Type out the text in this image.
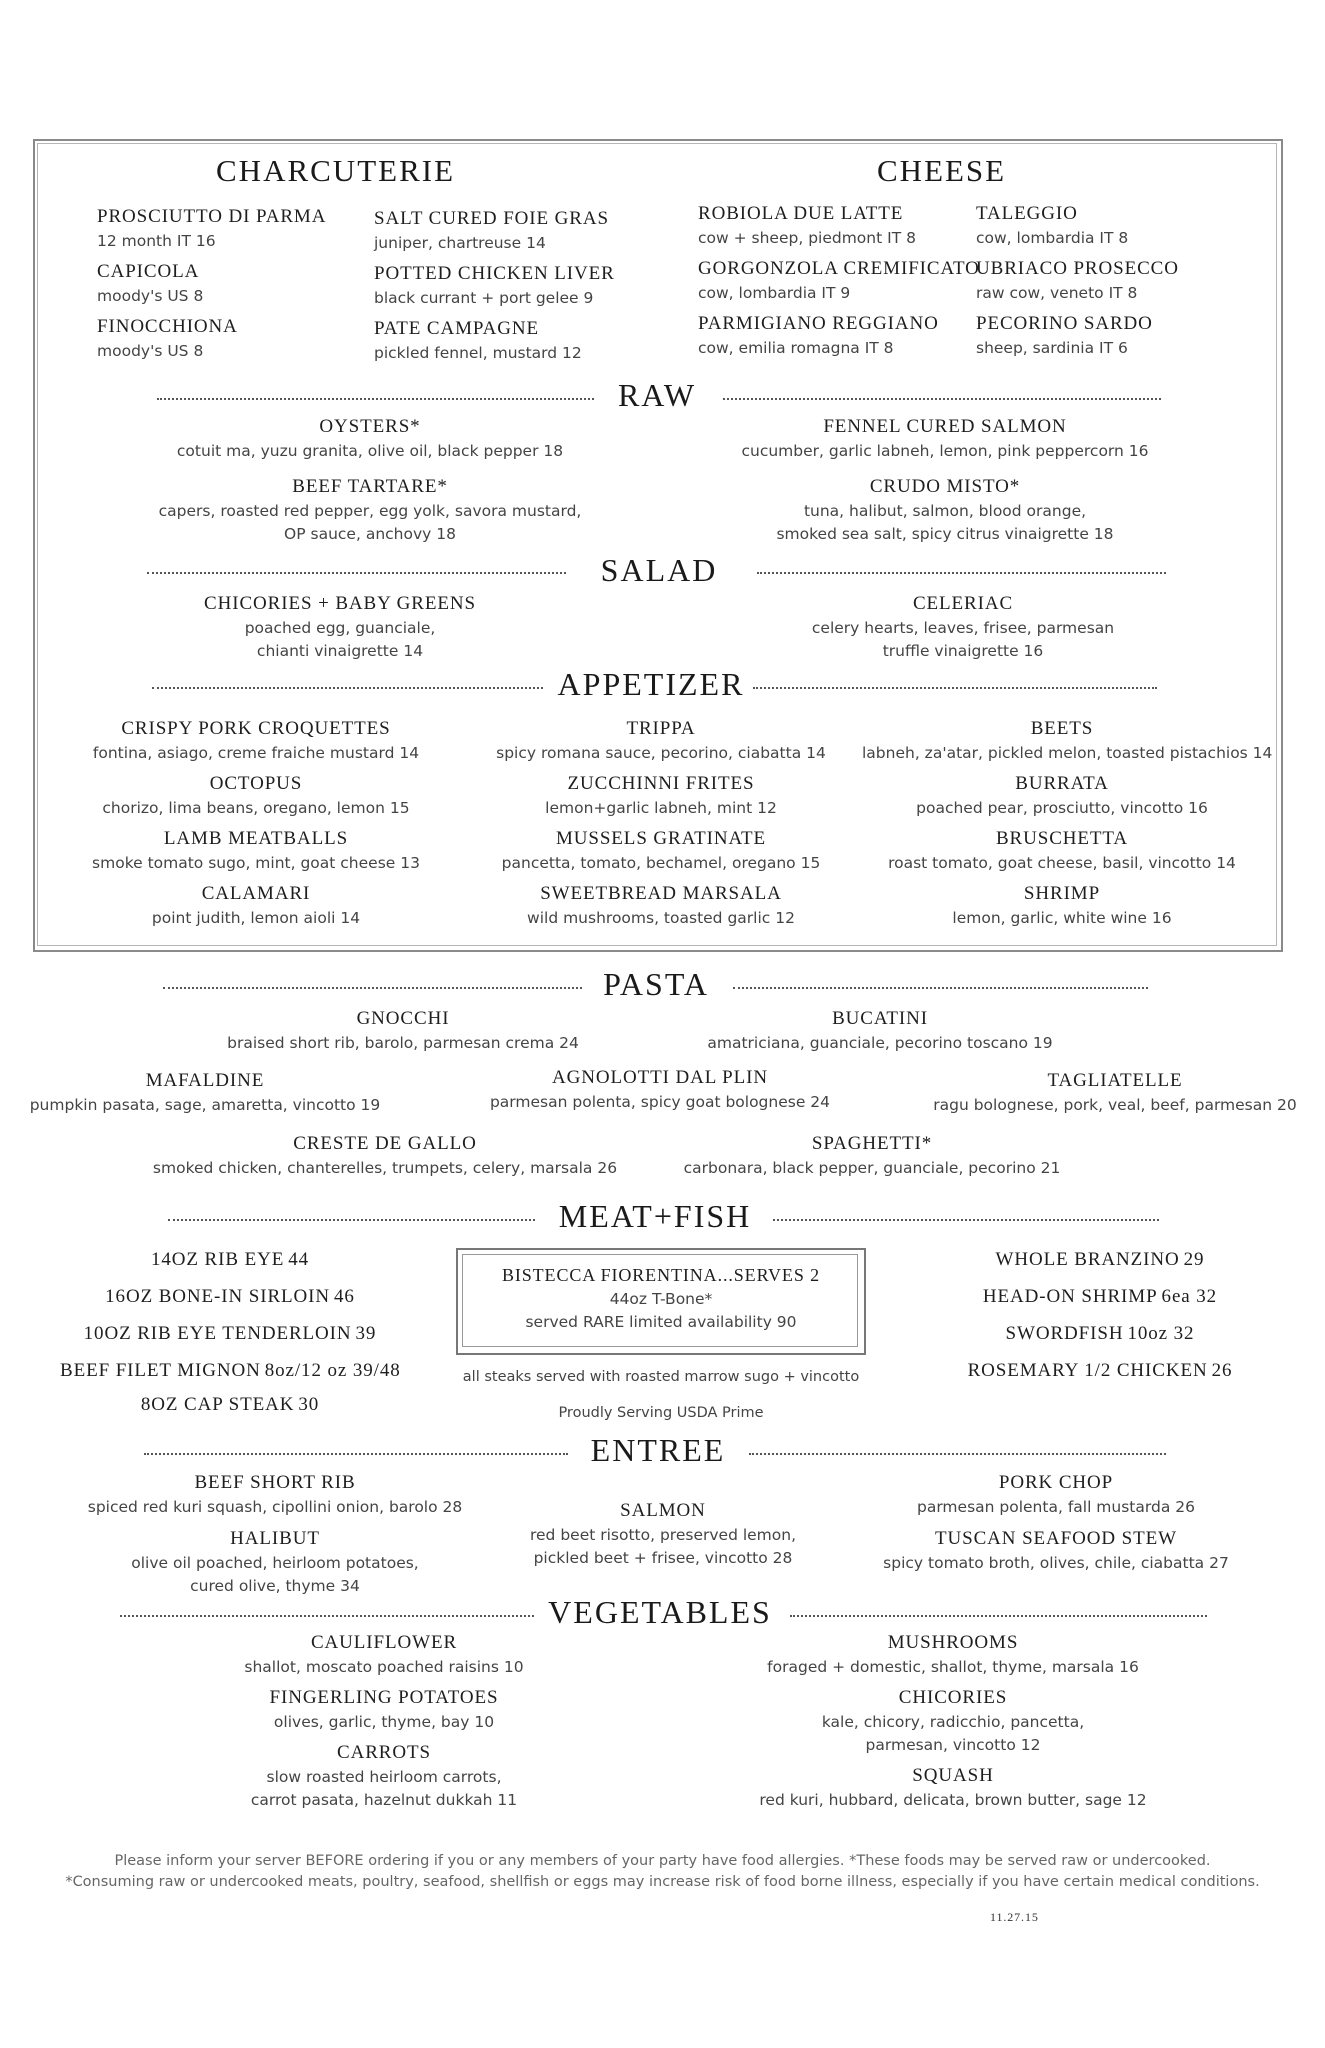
CHARCUTERIE
PROSCIUTTO DI PARMA
12 month IT 16
CAPICOLA
moody's US 8
FINOCCHIONA
moody's US 8
SALT CURED FOIE GRAS
juniper, chartreuse 14
POTTED CHICKEN LIVER
black currant + port gelee 9
PATE CAMPAGNE
pickled fennel, mustard 12
CHEESE
ROBIOLA DUE LATTE
cow + sheep, piedmont IT 8
GORGONZOLA CREMIFICATO
cow, lombardia IT 9
PARMIGIANO REGGIANO
cow, emilia romagna IT 8
TALEGGIO
cow, lombardia IT 8
UBRIACO PROSECCO
raw cow, veneto IT 8
PECORINO SARDO
sheep, sardinia IT 6
RAW
OYSTERS*
cotuit ma, yuzu granita, olive oil, black pepper 18
BEEF TARTARE*
capers, roasted red pepper, egg yolk, savora mustard,
OP sauce, anchovy 18
FENNEL CURED SALMON
cucumber, garlic labneh, lemon, pink peppercorn 16
CRUDO MISTO*
tuna, halibut, salmon, blood orange,
smoked sea salt, spicy citrus vinaigrette 18
SALAD
CHICORIES + BABY GREENS
poached egg, guanciale,
chianti vinaigrette 14
CELERIAC
celery hearts, leaves, frisee, parmesan
truffle vinaigrette 16
APPETIZER
CRISPY PORK CROQUETTES
fontina, asiago, creme fraiche mustard 14
OCTOPUS
chorizo, lima beans, oregano, lemon 15
LAMB MEATBALLS
smoke tomato sugo, mint, goat cheese 13
CALAMARI
point judith, lemon aioli 14
TRIPPA
spicy romana sauce, pecorino, ciabatta 14
ZUCCHINNI FRITES
lemon+garlic labneh, mint 12
MUSSELS GRATINATE
pancetta, tomato, bechamel, oregano 15
SWEETBREAD MARSALA
wild mushrooms, toasted garlic 12
BEETS
labneh, za'atar, pickled melon, toasted pistachios 14
BURRATA
poached pear, prosciutto, vincotto 16
BRUSCHETTA
roast tomato, goat cheese, basil, vincotto 14
SHRIMP
lemon, garlic, white wine 16
PASTA
GNOCCHI
braised short rib, barolo, parmesan crema 24
BUCATINI
amatriciana, guanciale, pecorino toscano 19
MAFALDINE
pumpkin pasata, sage, amaretta, vincotto 19
AGNOLOTTI DAL PLIN
parmesan polenta, spicy goat bolognese 24
TAGLIATELLE
ragu bolognese, pork, veal, beef, parmesan 20
CRESTE DE GALLO
smoked chicken, chanterelles, trumpets, celery, marsala 26
SPAGHETTI*
carbonara, black pepper, guanciale, pecorino 21
MEAT+FISH
14OZ RIB EYE 44
16OZ BONE-IN SIRLOIN 46
10OZ RIB EYE TENDERLOIN 39
BEEF FILET MIGNON 8oz/12 oz 39/48
8OZ CAP STEAK 30
BISTECCA FIORENTINA...SERVES 2
44oz T-Bone*
served RARE limited availability 90
all steaks served with roasted marrow sugo + vincotto
Proudly Serving USDA Prime
WHOLE BRANZINO 29
HEAD-ON SHRIMP 6ea 32
SWORDFISH 10oz 32
ROSEMARY 1/2 CHICKEN 26
ENTREE
BEEF SHORT RIB
spiced red kuri squash, cipollini onion, barolo 28
HALIBUT
olive oil poached, heirloom potatoes,
cured olive, thyme 34
SALMON
red beet risotto, preserved lemon,
pickled beet + frisee, vincotto 28
PORK CHOP
parmesan polenta, fall mustarda 26
TUSCAN SEAFOOD STEW
spicy tomato broth, olives, chile, ciabatta 27
VEGETABLES
CAULIFLOWER
shallot, moscato poached raisins 10
FINGERLING POTATOES
olives, garlic, thyme, bay 10
CARROTS
slow roasted heirloom carrots,
carrot pasata, hazelnut dukkah 11
MUSHROOMS
foraged + domestic, shallot, thyme, marsala 16
CHICORIES
kale, chicory, radicchio, pancetta,
parmesan, vincotto 12
SQUASH
red kuri, hubbard, delicata, brown butter, sage 12
Please inform your server BEFORE ordering if you or any members of your party have food allergies. *These foods may be served raw or undercooked.
*Consuming raw or undercooked meats, poultry, seafood, shellfish or eggs may increase risk of food borne illness, especially if you have certain medical conditions.
11.27.15
